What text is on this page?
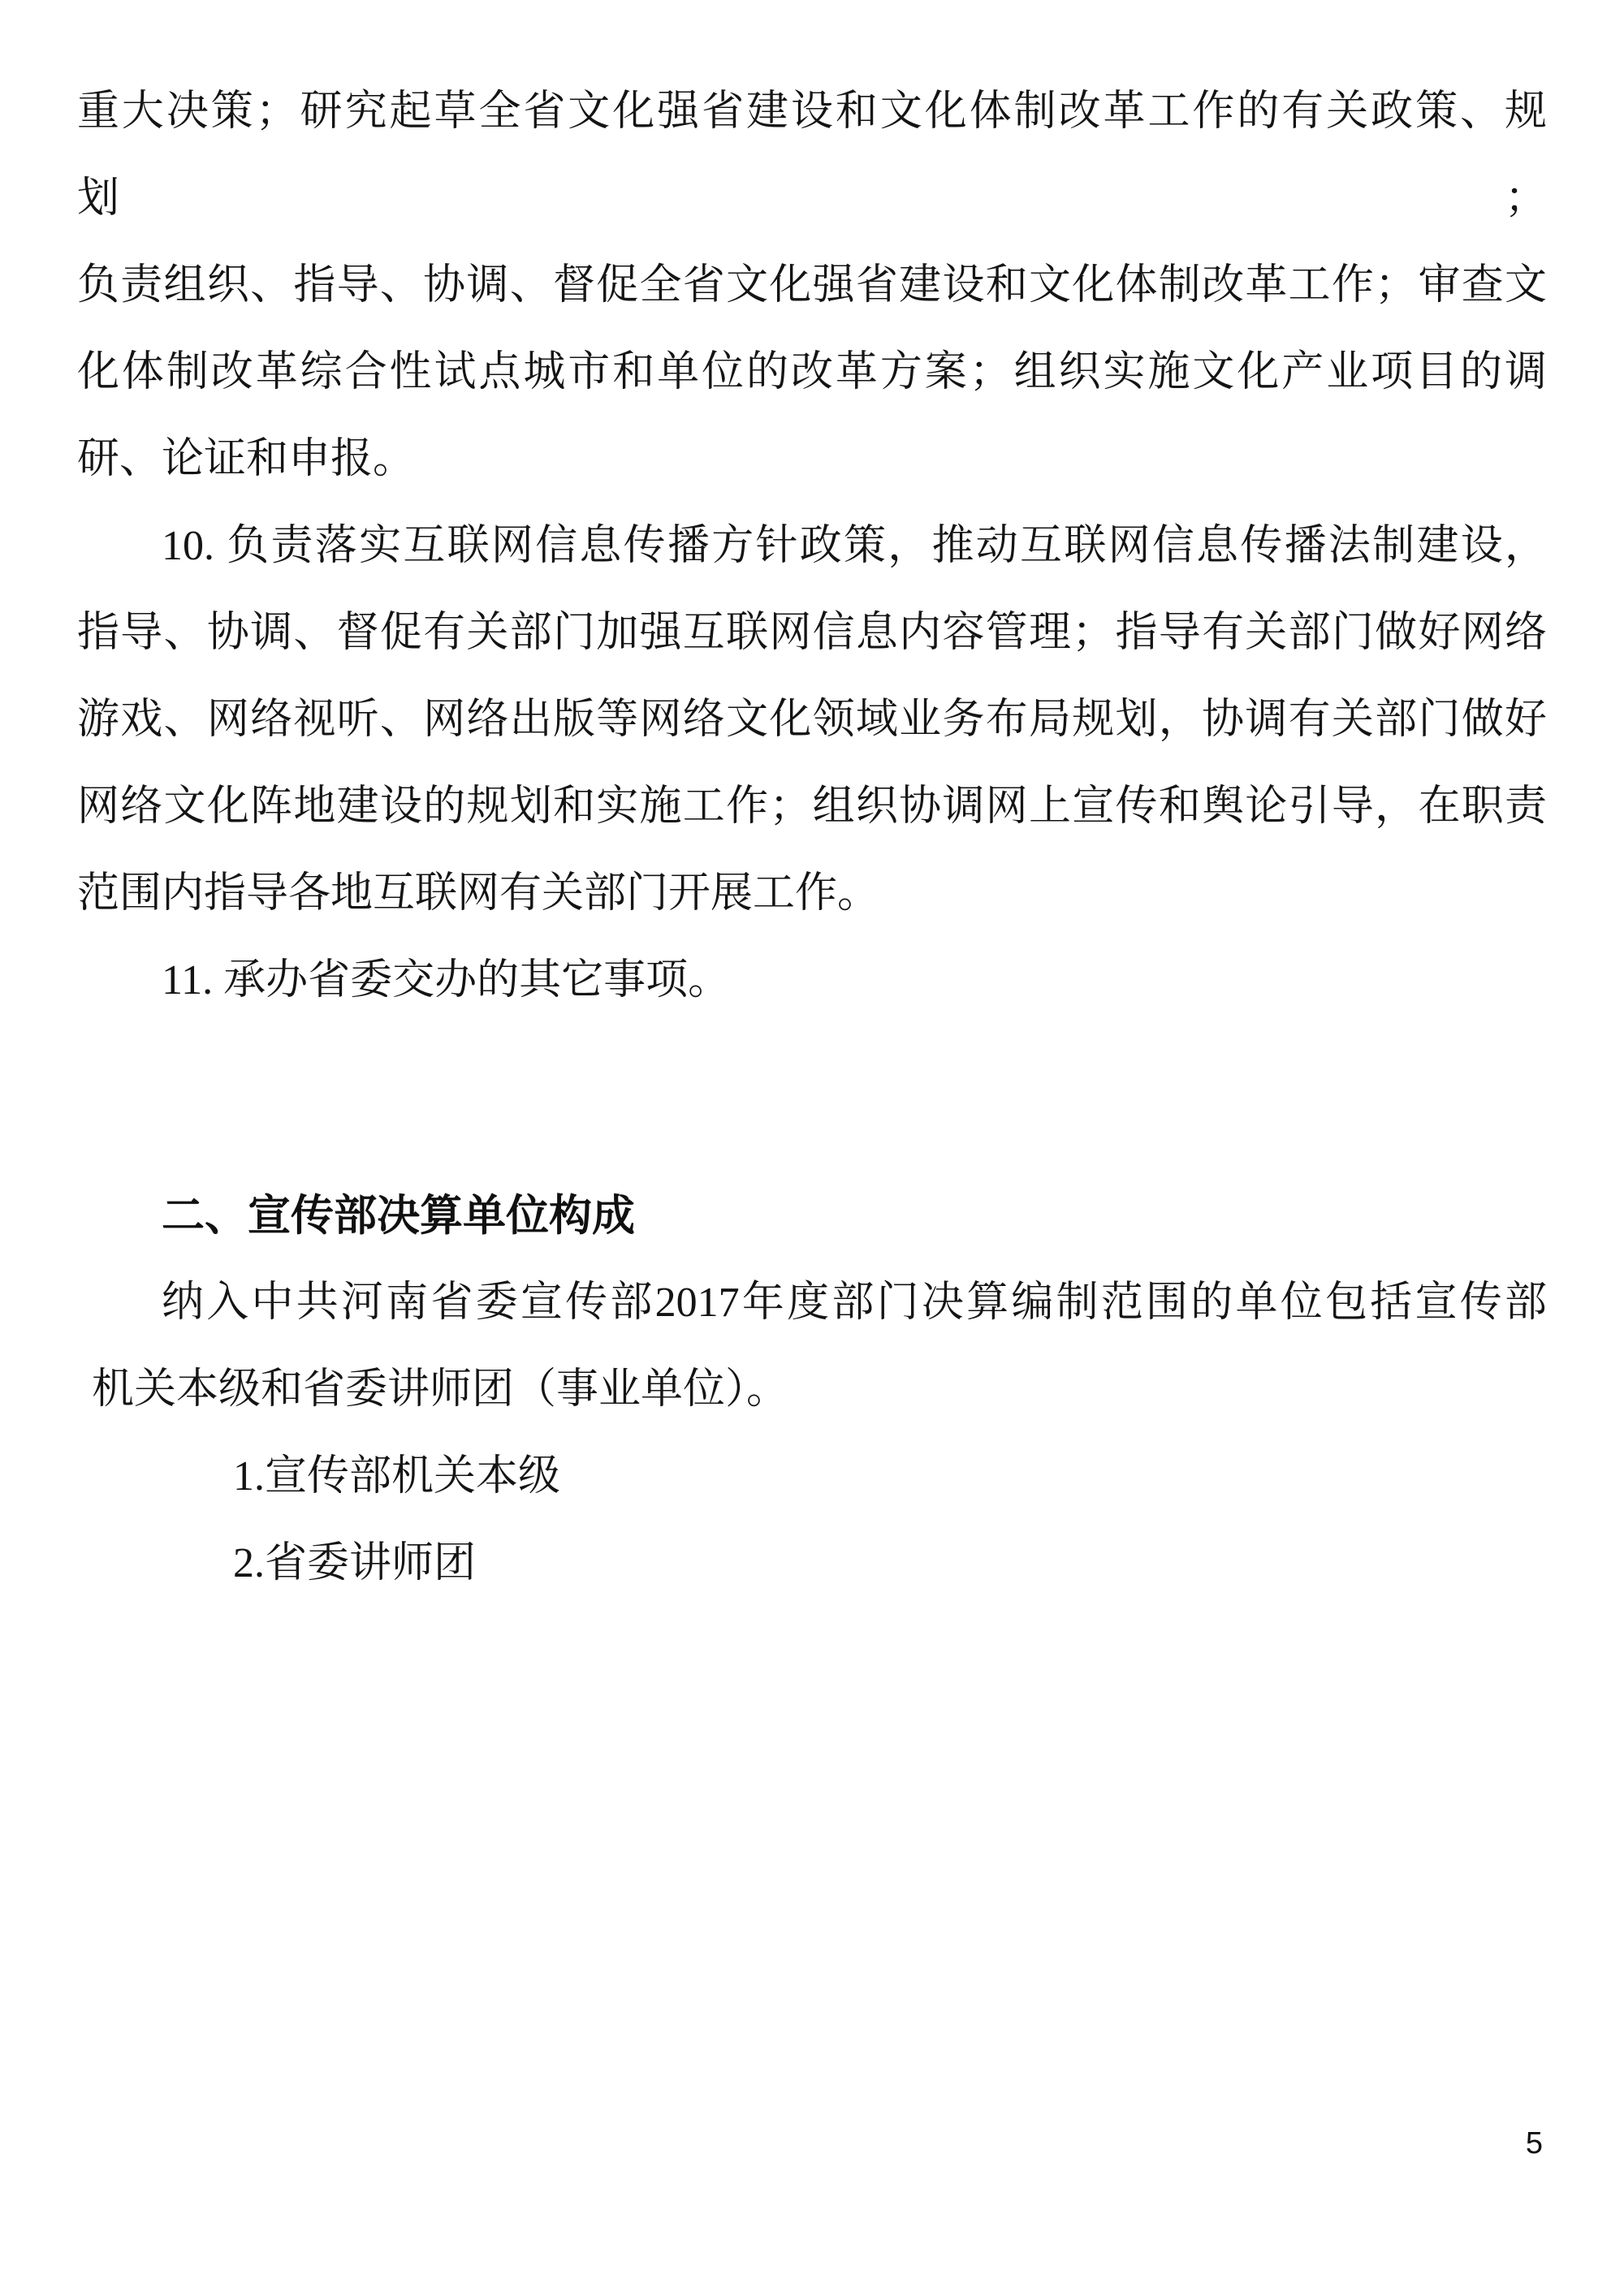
重大决策；研究起草全省文化强省建设和文化体制改革工作的有关政策、规划；
负责组织、指导、协调、督促全省文化强省建设和文化体制改革工作；审查文
化体制改革综合性试点城市和单位的改革方案；组织实施文化产业项目的调
研、论证和申报。
10. 负责落实互联网信息传播方针政策，推动互联网信息传播法制建设，
指导、协调、督促有关部门加强互联网信息内容管理；指导有关部门做好网络
游戏、网络视听、网络出版等网络文化领域业务布局规划，协调有关部门做好
网络文化阵地建设的规划和实施工作；组织协调网上宣传和舆论引导，在职责
范围内指导各地互联网有关部门开展工作。
11. 承办省委交办的其它事项。
二、宣传部决算单位构成
纳入中共河南省委宣传部2017年度部门决算编制范围的单位包括宣传部
机关本级和省委讲师团（事业单位）。
1.宣传部机关本级
2.省委讲师团
5
